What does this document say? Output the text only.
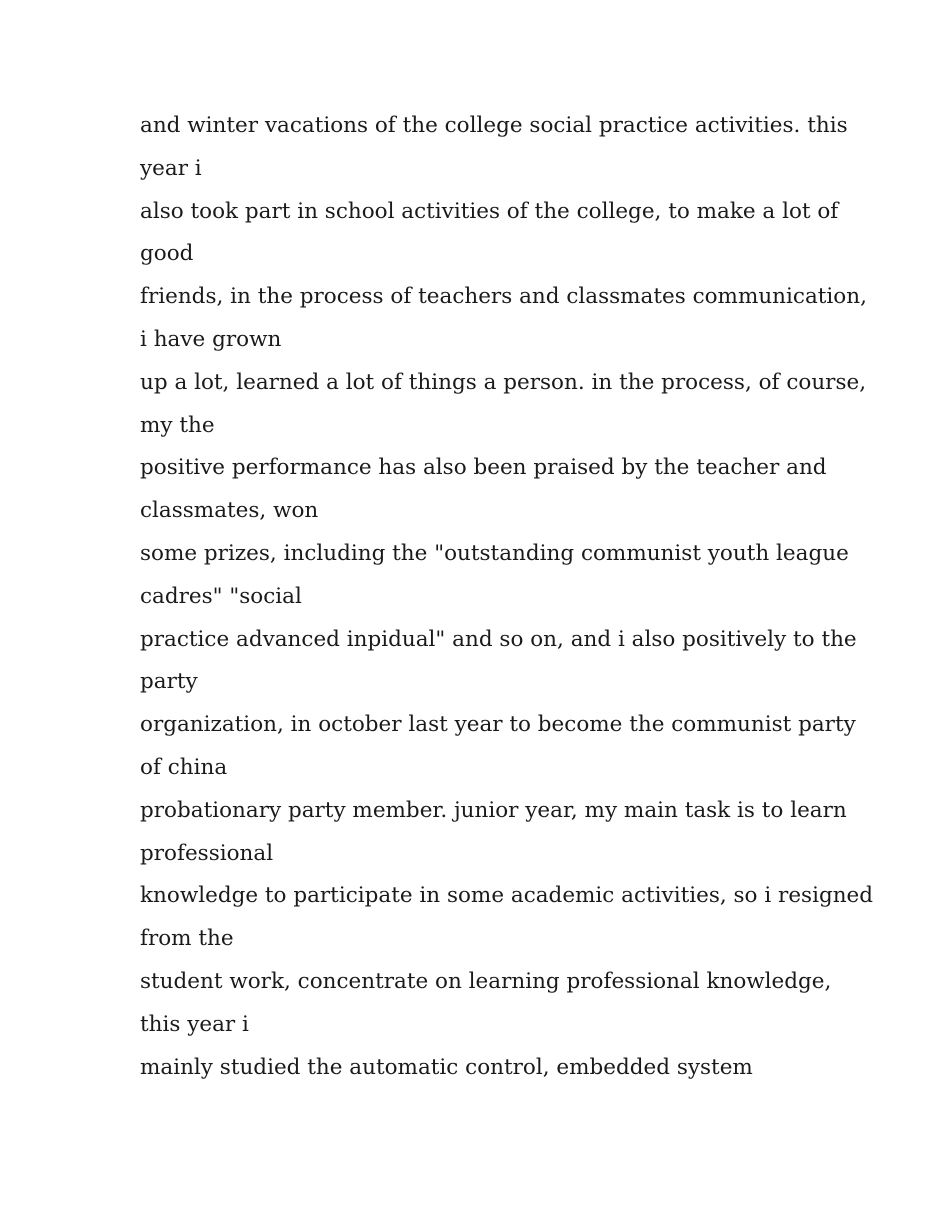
and winter vacations of the college social practice activities. this
year i
also took part in school activities of the college, to make a lot of
good
friends, in the process of teachers and classmates communication,
i have grown
up a lot, learned a lot of things a person. in the process, of course,
my the
positive performance has also been praised by the teacher and
classmates, won
some prizes, including the "outstanding communist youth league
cadres" "social
practice advanced inpidual" and so on, and i also positively to the
party
organization, in october last year to become the communist party
of china
probationary party member. junior year, my main task is to learn
professional
knowledge to participate in some academic activities, so i resigned
from the
student work, concentrate on learning professional knowledge,
this year i
mainly studied the automatic control, embedded system
